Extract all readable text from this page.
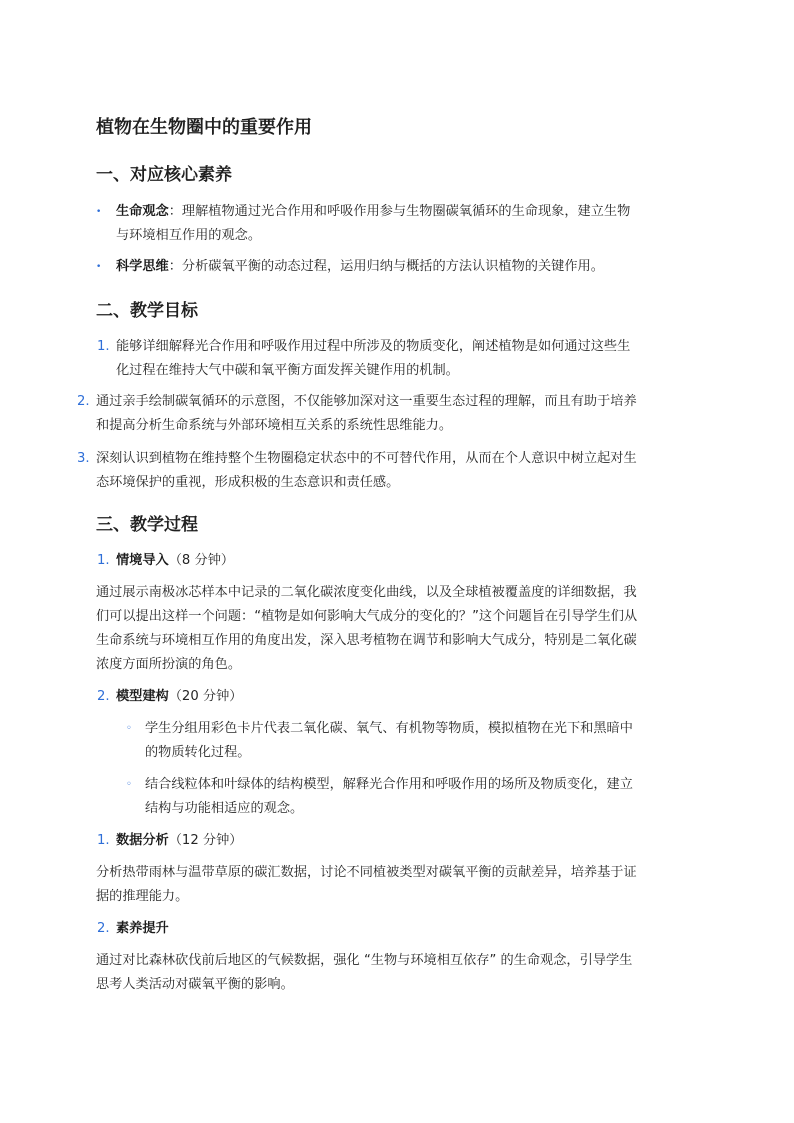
植物在生物圈中的重要作用
一、对应核心素养
• 生命观念：理解植物通过光合作用和呼吸作用参与生物圈碳氧循环的生命现象，建立生物
与环境相互作用的观念。
• 科学思维：分析碳氧平衡的动态过程，运用归纳与概括的方法认识植物的关键作用。
二、教学目标
1. 能够详细解释光合作用和呼吸作用过程中所涉及的物质变化，阐述植物是如何通过这些生
化过程在维持大气中碳和氧平衡方面发挥关键作用的机制。
2. 通过亲手绘制碳氧循环的示意图，不仅能够加深对这一重要生态过程的理解，而且有助于培养
和提高分析生命系统与外部环境相互关系的系统性思维能力。
3. 深刻认识到植物在维持整个生物圈稳定状态中的不可替代作用，从而在个人意识中树立起对生
态环境保护的重视，形成积极的生态意识和责任感。
三、教学过程
1. 情境导入（8 分钟）
通过展示南极冰芯样本中记录的二氧化碳浓度变化曲线，以及全球植被覆盖度的详细数据，我
们可以提出这样一个问题：“植物是如何影响大气成分的变化的？”这个问题旨在引导学生们从
生命系统与环境相互作用的角度出发，深入思考植物在调节和影响大气成分，特别是二氧化碳
浓度方面所扮演的角色。
2. 模型建构（20 分钟）
◦ 学生分组用彩色卡片代表二氧化碳、氧气、有机物等物质，模拟植物在光下和黑暗中
的物质转化过程。
◦ 结合线粒体和叶绿体的结构模型，解释光合作用和呼吸作用的场所及物质变化，建立
结构与功能相适应的观念。
1. 数据分析（12 分钟）
分析热带雨林与温带草原的碳汇数据，讨论不同植被类型对碳氧平衡的贡献差异，培养基于证
据的推理能力。
2. 素养提升
通过对比森林砍伐前后地区的气候数据，强化 “生物与环境相互依存” 的生命观念，引导学生
思考人类活动对碳氧平衡的影响。
